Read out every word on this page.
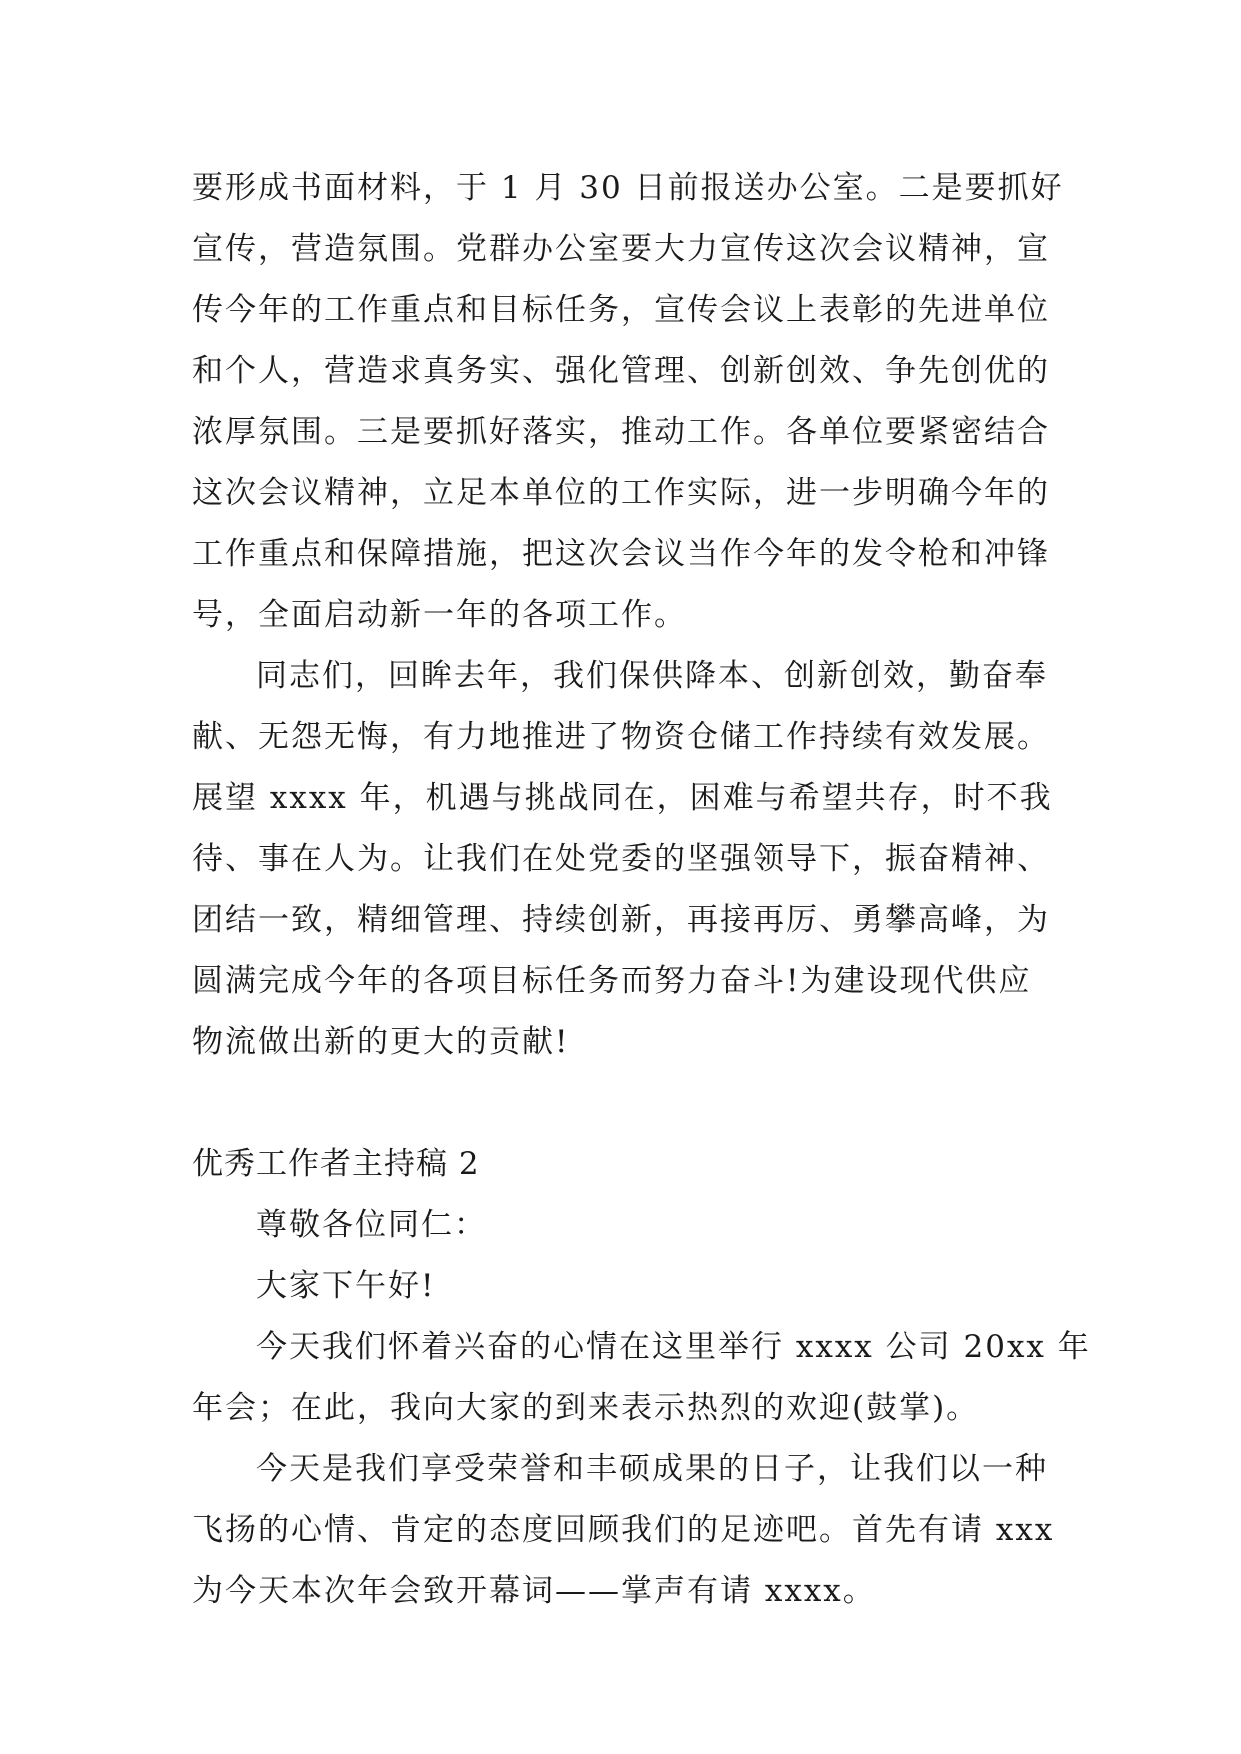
要形成书面材料，于 1 月 30 日前报送办公室。二是要抓好
宣传，营造氛围。党群办公室要大力宣传这次会议精神，宣
传今年的工作重点和目标任务，宣传会议上表彰的先进单位
和个人，营造求真务实、强化管理、创新创效、争先创优的
浓厚氛围。三是要抓好落实，推动工作。各单位要紧密结合
这次会议精神，立足本单位的工作实际，进一步明确今年的
工作重点和保障措施，把这次会议当作今年的发令枪和冲锋
号，全面启动新一年的各项工作。
同志们，回眸去年，我们保供降本、创新创效，勤奋奉
献、无怨无悔，有力地推进了物资仓储工作持续有效发展。
展望 xxxx 年，机遇与挑战同在，困难与希望共存，时不我
待、事在人为。让我们在处党委的坚强领导下，振奋精神、
团结一致，精细管理、持续创新，再接再厉、勇攀高峰，为
圆满完成今年的各项目标任务而努力奋斗!为建设现代供应
物流做出新的更大的贡献!
优秀工作者主持稿 2
尊敬各位同仁：
大家下午好!
今天我们怀着兴奋的心情在这里举行 xxxx 公司 20xx 年
年会；在此，我向大家的到来表示热烈的欢迎(鼓掌)。
今天是我们享受荣誉和丰硕成果的日子，让我们以一种
飞扬的心情、肯定的态度回顾我们的足迹吧。首先有请 xxx
为今天本次年会致开幕词——掌声有请 xxxx。
